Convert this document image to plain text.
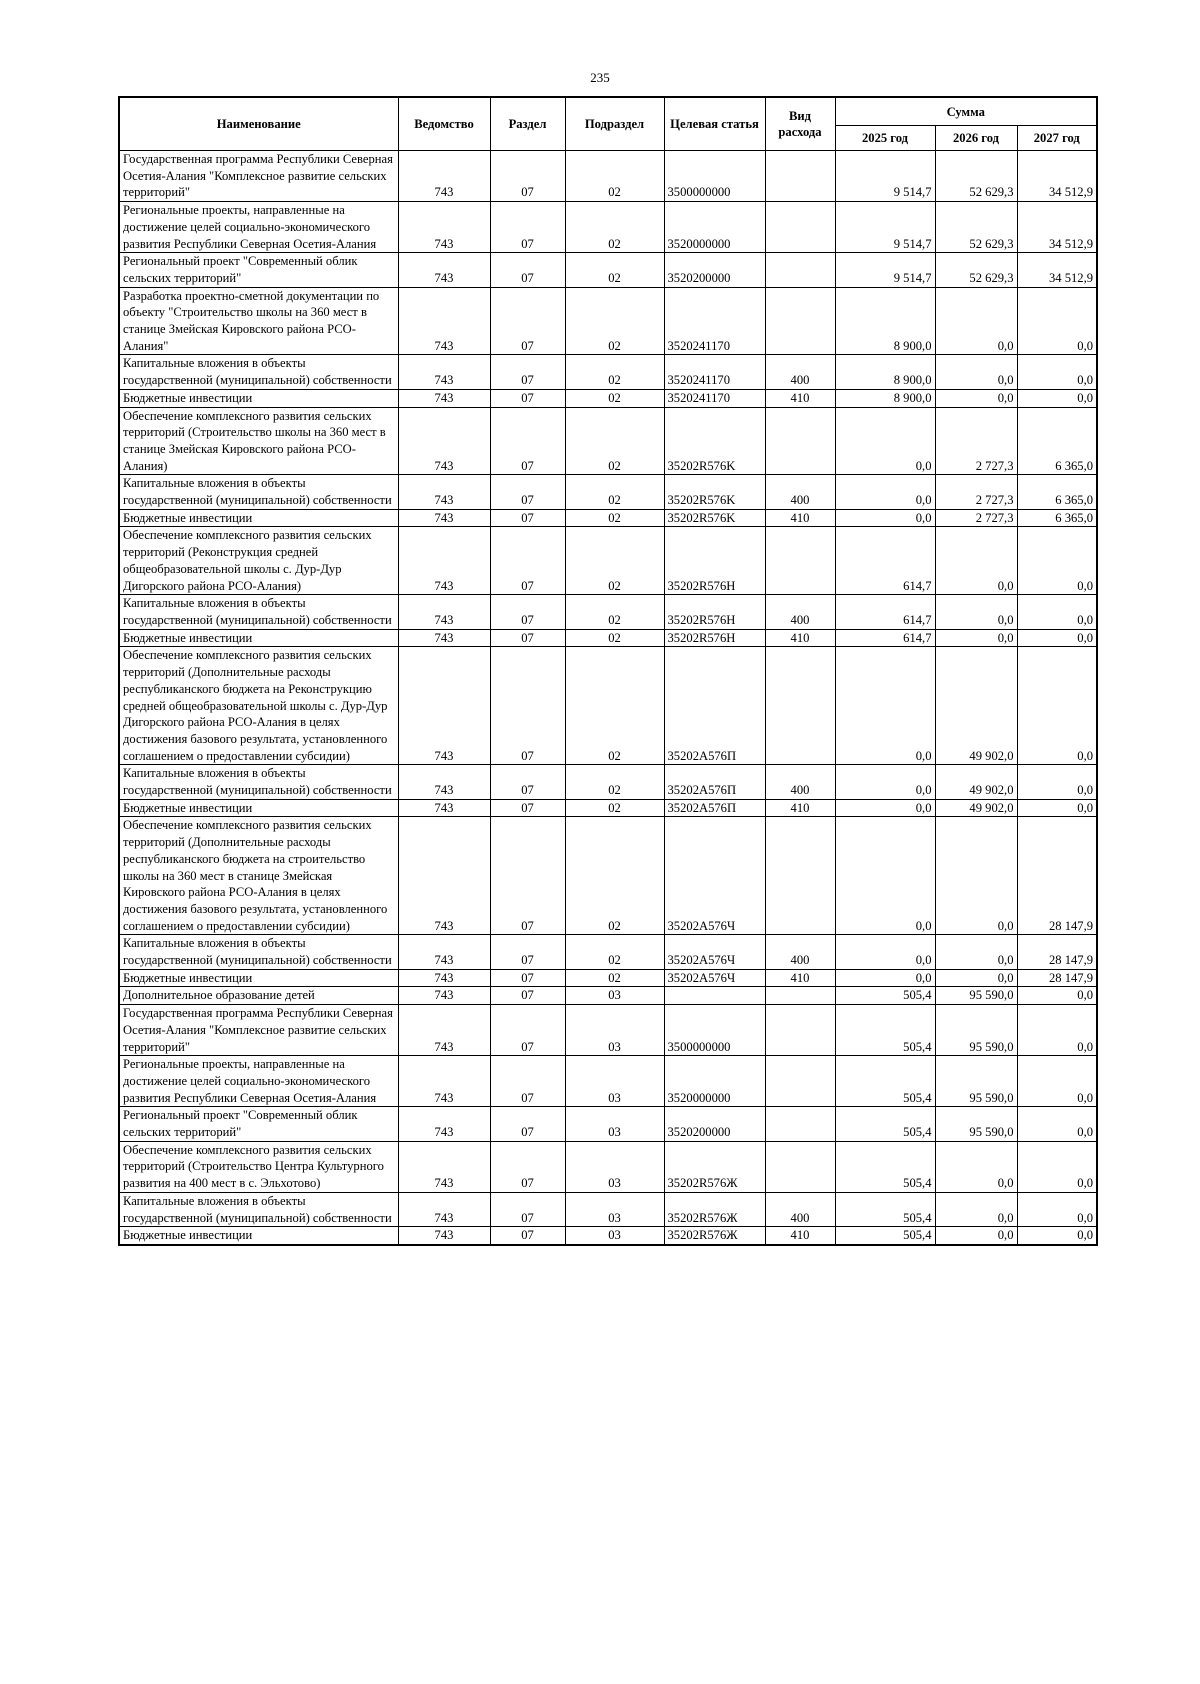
235
Наименование	Ведомство	Раздел	Подраздел	Целевая статья	Вид расхода	Сумма		
						2025 год	2026 год	2027 год
Государственная программа Республики Северная Осетия-Алания "Комплексное развитие сельских территорий"	743	07	02	3500000000		9 514,7	52 629,3	34 512,9
Региональные проекты, направленные на достижение целей социально-экономического развития Республики Северная Осетия-Алания	743	07	02	3520000000		9 514,7	52 629,3	34 512,9
Региональный проект "Современный облик сельских территорий"	743	07	02	3520200000		9 514,7	52 629,3	34 512,9
Разработка проектно-сметной документации по объекту "Строительство школы на 360 мест в станице Змейская Кировского района РСО-Алания"	743	07	02	3520241170		8 900,0	0,0	0,0
Капитальные вложения в объекты государственной (муниципальной) собственности	743	07	02	3520241170	400	8 900,0	0,0	0,0
Бюджетные инвестиции	743	07	02	3520241170	410	8 900,0	0,0	0,0
Обеспечение комплексного развития сельских территорий (Строительство школы на 360 мест в станице Змейская Кировского района РСО-Алания)	743	07	02	35202R576K		0,0	2 727,3	6 365,0
Капитальные вложения в объекты государственной (муниципальной) собственности	743	07	02	35202R576K	400	0,0	2 727,3	6 365,0
Бюджетные инвестиции	743	07	02	35202R576K	410	0,0	2 727,3	6 365,0
Обеспечение комплексного развития сельских территорий (Реконструкция средней общеобразовательной школы с. Дур-Дур Дигорского района РСО-Алания)	743	07	02	35202R576H		614,7	0,0	0,0
Капитальные вложения в объекты государственной (муниципальной) собственности	743	07	02	35202R576H	400	614,7	0,0	0,0
Бюджетные инвестиции	743	07	02	35202R576H	410	614,7	0,0	0,0
Обеспечение комплексного развития сельских территорий (Дополнительные расходы республиканского бюджета на Реконструкцию средней общеобразовательной школы с. Дур-Дур Дигорского района РСО-Алания в целях достижения базового результата, установленного соглашением о предоставлении субсидии)	743	07	02	35202A576П		0,0	49 902,0	0,0
Капитальные вложения в объекты государственной (муниципальной) собственности	743	07	02	35202A576П	400	0,0	49 902,0	0,0
Бюджетные инвестиции	743	07	02	35202A576П	410	0,0	49 902,0	0,0
Обеспечение комплексного развития сельских территорий (Дополнительные расходы республиканского бюджета на строительство школы на 360 мест в станице Змейская Кировского района РСО-Алания в целях достижения базового результата, установленного соглашением о предоставлении субсидии)	743	07	02	35202A576Ч		0,0	0,0	28 147,9
Капитальные вложения в объекты государственной (муниципальной) собственности	743	07	02	35202A576Ч	400	0,0	0,0	28 147,9
Бюджетные инвестиции	743	07	02	35202A576Ч	410	0,0	0,0	28 147,9
Дополнительное образование детей	743	07	03			505,4	95 590,0	0,0
Государственная программа Республики Северная Осетия-Алания "Комплексное развитие сельских территорий"	743	07	03	3500000000		505,4	95 590,0	0,0
Региональные проекты, направленные на достижение целей социально-экономического развития Республики Северная Осетия-Алания	743	07	03	3520000000		505,4	95 590,0	0,0
Региональный проект "Современный облик сельских территорий"	743	07	03	3520200000		505,4	95 590,0	0,0
Обеспечение комплексного развития сельских территорий (Строительство Центра Культурного развития на 400 мест в с. Эльхотово)	743	07	03	35202R576Ж		505,4	0,0	0,0
Капитальные вложения в объекты государственной (муниципальной) собственности	743	07	03	35202R576Ж	400	505,4	0,0	0,0
Бюджетные инвестиции	743	07	03	35202R576Ж	410	505,4	0,0	0,0
